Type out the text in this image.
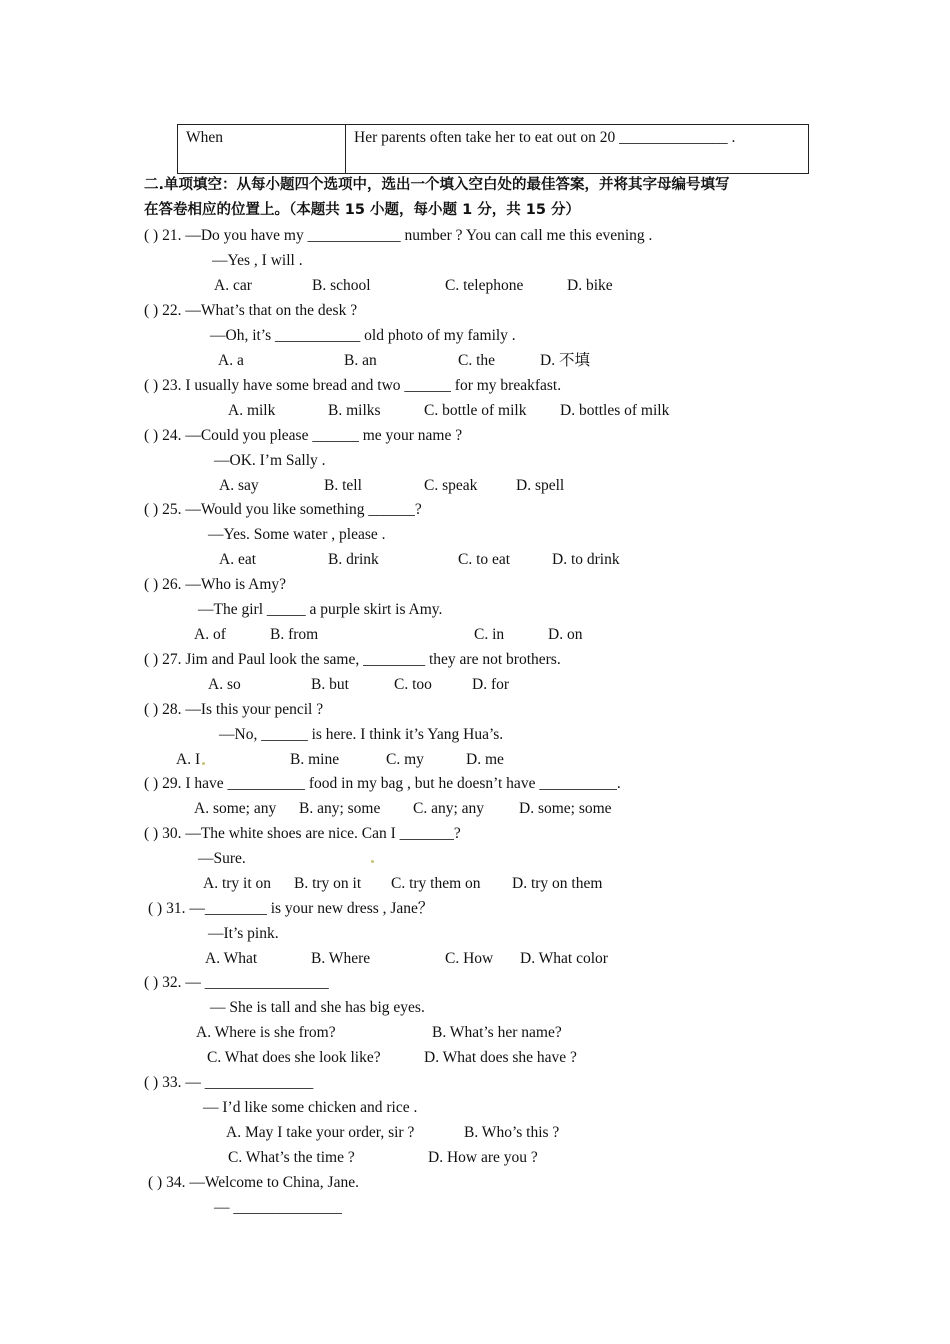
When	Her parents often take her to eat out on 20 ______________ .
二.单项填空：从每小题四个选项中，选出一个填入空白处的最佳答案，并将其字母编号填写
在答卷相应的位置上。（本题共 15 小题，每小题 1 分，共 15 分）
( ) 21. —Do you have my ____________ number ? You can call me this evening .
—Yes , I will .
A. car	B. school	C. telephone	D. bike
( ) 22. —What’s that on the desk ?
—Oh, it’s ___________ old photo of my family .
A. a	B. an	C. the	D. 不填
( ) 23. I usually have some bread and two ______ for my breakfast.
A. milk	B. milks	C. bottle of milk D. bottles of milk
( ) 24. —Could you please ______ me your name ?
—OK. I’m Sally .
A. say	B. tell	C. speak D. spell
( ) 25. —Would you like something ______?
—Yes. Some water , please .
A. eat	B. drink	C. to eat	D. to drink
( ) 26. —Who is Amy?
—The girl _____ a purple skirt is Amy.
A. of	B. from	C. in	D. on
( ) 27. Jim and Paul look the same, ________ they are not brothers.
A. so	B. but	C. too	D. for
( ) 28. —Is this your pencil ?
—No, ______ is here. I think it’s Yang Hua’s.
A. I	B. mine	C. my	D. me
( ) 29. I have __________ food in my bag , but he doesn’t have __________.
A. some; any B. any; some C. any; any D. some; some
( ) 30. —The white shoes are nice. Can I _______?
—Sure.
A. try it on B. try on it C. try them on D. try on them
( ) 31. —________ is your new dress , Jane？
—It’s pink.
A. What	B. Where	C. How D. What color
( ) 32. — ________________
— She is tall and she has big eyes.
A. Where is she from?	B. What’s her name?
C. What does she look like?	D. What does she have ?
( ) 33. — ______________
— I’d like some chicken and rice .
A. May I take your order, sir ?	B. Who’s this ?
C. What’s the time ?	D. How are you ?
( ) 34. —Welcome to China, Jane.
— ______________
